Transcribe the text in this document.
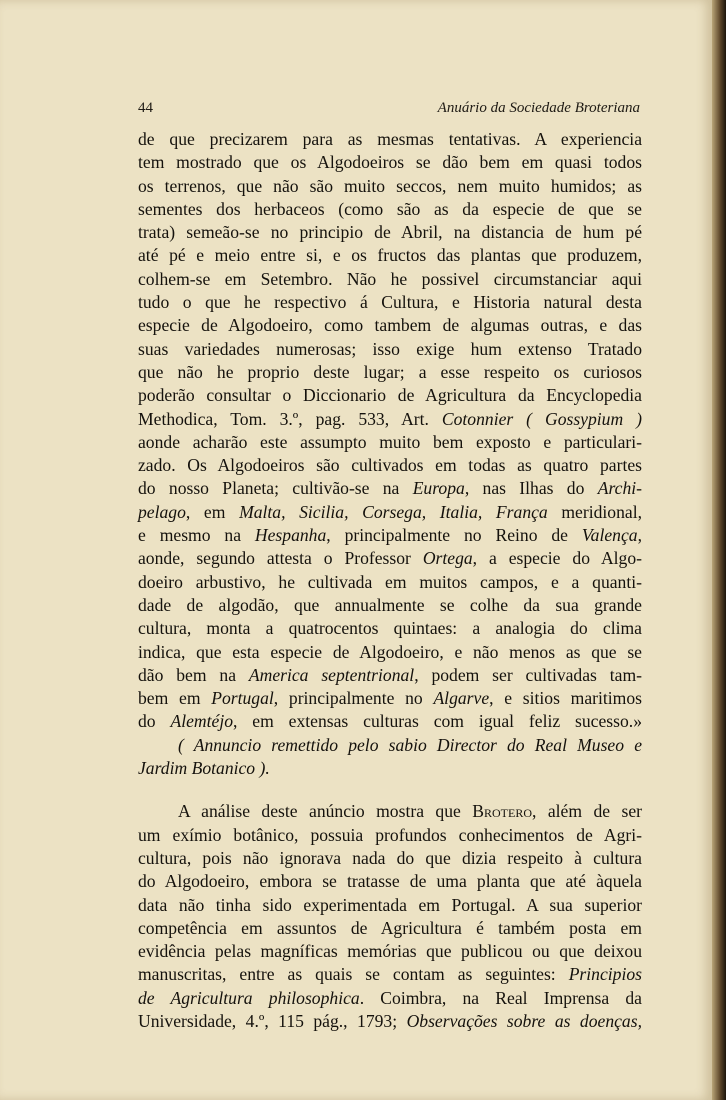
44	Anuário da Sociedade Broteriana
de que precizarem para as mesmas tentativas. A experiencia
tem mostrado que os Algodoeiros se dão bem em quasi todos
os terrenos, que não são muito seccos, nem muito humidos; as
sementes dos herbaceos (como são as da especie de que se
trata) semeão-se no principio de Abril, na distancia de hum pé
até pé e meio entre si, e os fructos das plantas que produzem,
colhem-se em Setembro. Não he possivel circumstanciar aqui
tudo o que he respectivo á Cultura, e Historia natural desta
especie de Algodoeiro, como tambem de algumas outras, e das
suas variedades numerosas; isso exige hum extenso Tratado
que não he proprio deste lugar; a esse respeito os curiosos
poderão consultar o Diccionario de Agricultura da Encyclopedia
Methodica, Tom. 3.º, pag. 533, Art. Cotonnier ( Gossypium )
aonde acharão este assumpto muito bem exposto e particulari-
zado. Os Algodoeiros são cultivados em todas as quatro partes
do nosso Planeta; cultivão-se na Europa, nas Ilhas do Archi-
pelago, em Malta, Sicilia, Corsega, Italia, França meridional,
e mesmo na Hespanha, principalmente no Reino de Valença,
aonde, segundo attesta o Professor Ortega, a especie do Algo-
doeiro arbustivo, he cultivada em muitos campos, e a quanti-
dade de algodão, que annualmente se colhe da sua grande
cultura, monta a quatrocentos quintaes: a analogia do clima
indica, que esta especie de Algodoeiro, e não menos as que se
dão bem na America septentrional, podem ser cultivadas tam-
bem em Portugal, principalmente no Algarve, e sitios maritimos
do Alemtéjo, em extensas culturas com igual feliz sucesso.»
( Annuncio remettido pelo sabio Director do Real Museo e
Jardim Botanico ).
A análise deste anúncio mostra que Brotero, além de ser
um exímio botânico, possuia profundos conhecimentos de Agri-
cultura, pois não ignorava nada do que dizia respeito à cultura
do Algodoeiro, embora se tratasse de uma planta que até àquela
data não tinha sido experimentada em Portugal. A sua superior
competência em assuntos de Agricultura é também posta em
evidência pelas magníficas memórias que publicou ou que deixou
manuscritas, entre as quais se contam as seguintes: Principios
de Agricultura philosophica. Coimbra, na Real Imprensa da
Universidade, 4.º, 115 pág., 1793; Observações sobre as doenças,
